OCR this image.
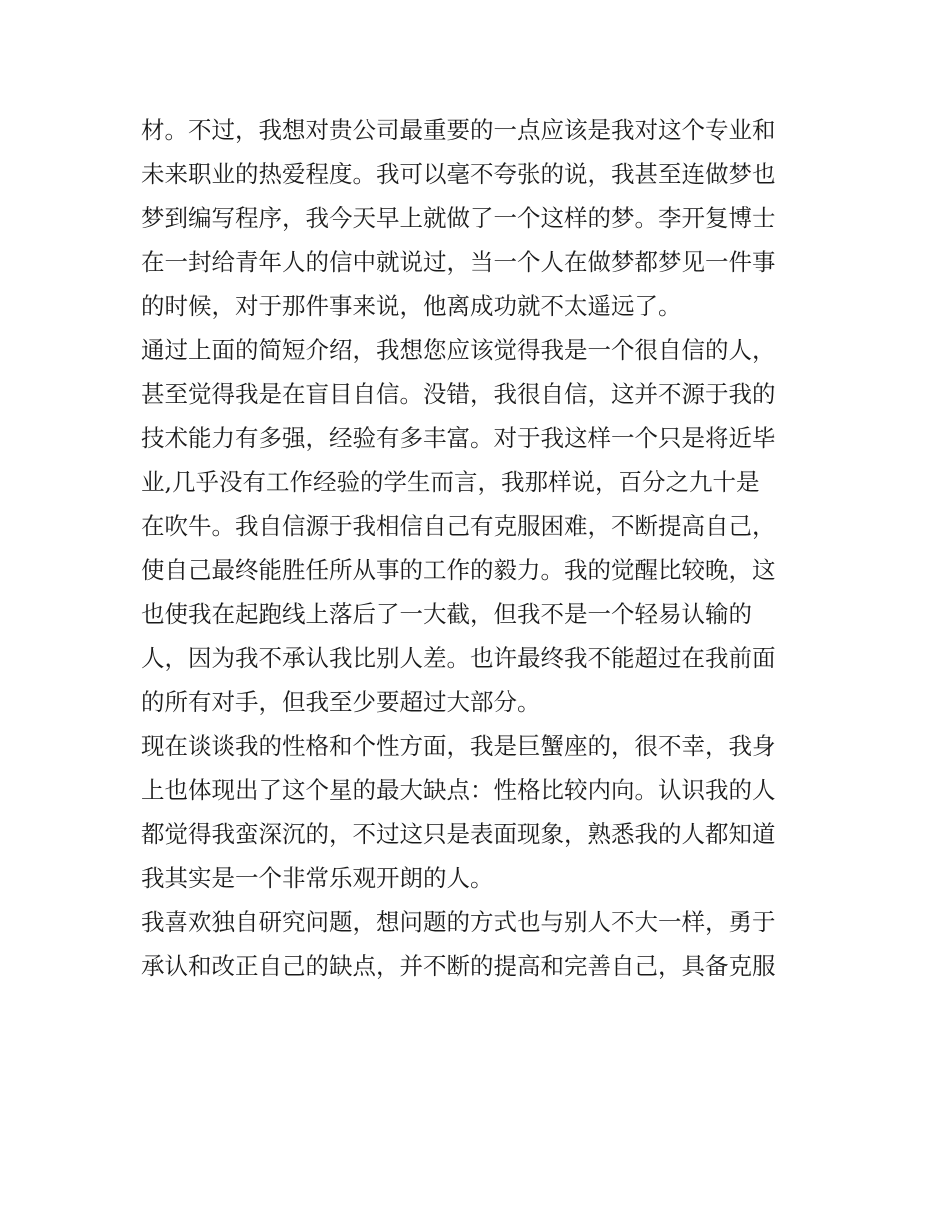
材。不过，我想对贵公司最重要的一点应该是我对这个专业和
未来职业的热爱程度。我可以毫不夸张的说，我甚至连做梦也
梦到编写程序，我今天早上就做了一个这样的梦。李开复博士
在一封给青年人的信中就说过，当一个人在做梦都梦见一件事
的时候，对于那件事来说，他离成功就不太遥远了。
通过上面的简短介绍，我想您应该觉得我是一个很自信的人，
甚至觉得我是在盲目自信。没错，我很自信，这并不源于我的
技术能力有多强，经验有多丰富。对于我这样一个只是将近毕
业,几乎没有工作经验的学生而言，我那样说，百分之九十是
在吹牛。我自信源于我相信自己有克服困难，不断提高自己，
使自己最终能胜任所从事的工作的毅力。我的觉醒比较晚，这
也使我在起跑线上落后了一大截，但我不是一个轻易认输的
人，因为我不承认我比别人差。也许最终我不能超过在我前面
的所有对手，但我至少要超过大部分。
现在谈谈我的性格和个性方面，我是巨蟹座的，很不幸，我身
上也体现出了这个星的最大缺点：性格比较内向。认识我的人
都觉得我蛮深沉的，不过这只是表面现象，熟悉我的人都知道
我其实是一个非常乐观开朗的人。
我喜欢独自研究问题，想问题的方式也与别人不大一样，勇于
承认和改正自己的缺点，并不断的提高和完善自己，具备克服
